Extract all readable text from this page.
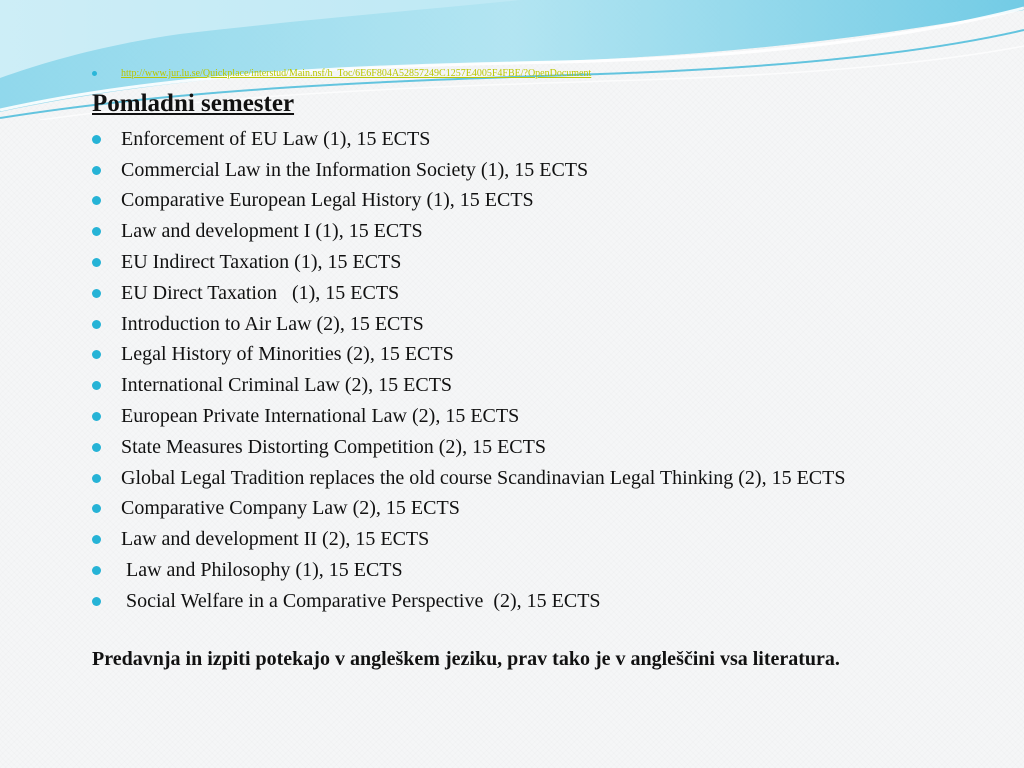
http://www.jur.lu.se/Quickplace/interstud/Main.nsf/h_Toc/6E6F804A52857249C1257E4005F4FBE/?OpenDocument
Pomladni semester
Enforcement of EU Law (1), 15 ECTS
Commercial Law in the Information Society (1), 15 ECTS
Comparative European Legal History (1), 15 ECTS
Law and development I (1), 15 ECTS
EU Indirect Taxation (1), 15 ECTS
EU Direct Taxation   (1), 15 ECTS
Introduction to Air Law (2), 15 ECTS
Legal History of Minorities (2), 15 ECTS
International Criminal Law (2), 15 ECTS
European Private International Law (2), 15 ECTS
State Measures Distorting Competition (2), 15 ECTS
Global Legal Tradition replaces the old course Scandinavian Legal Thinking (2), 15 ECTS
Comparative Company Law (2), 15 ECTS
Law and development II (2), 15 ECTS
Law and Philosophy (1), 15 ECTS
Social Welfare in a Comparative Perspective  (2), 15 ECTS
Predavnja in izpiti potekajo v angleškem jeziku, prav tako je v angleščini vsa literatura.
